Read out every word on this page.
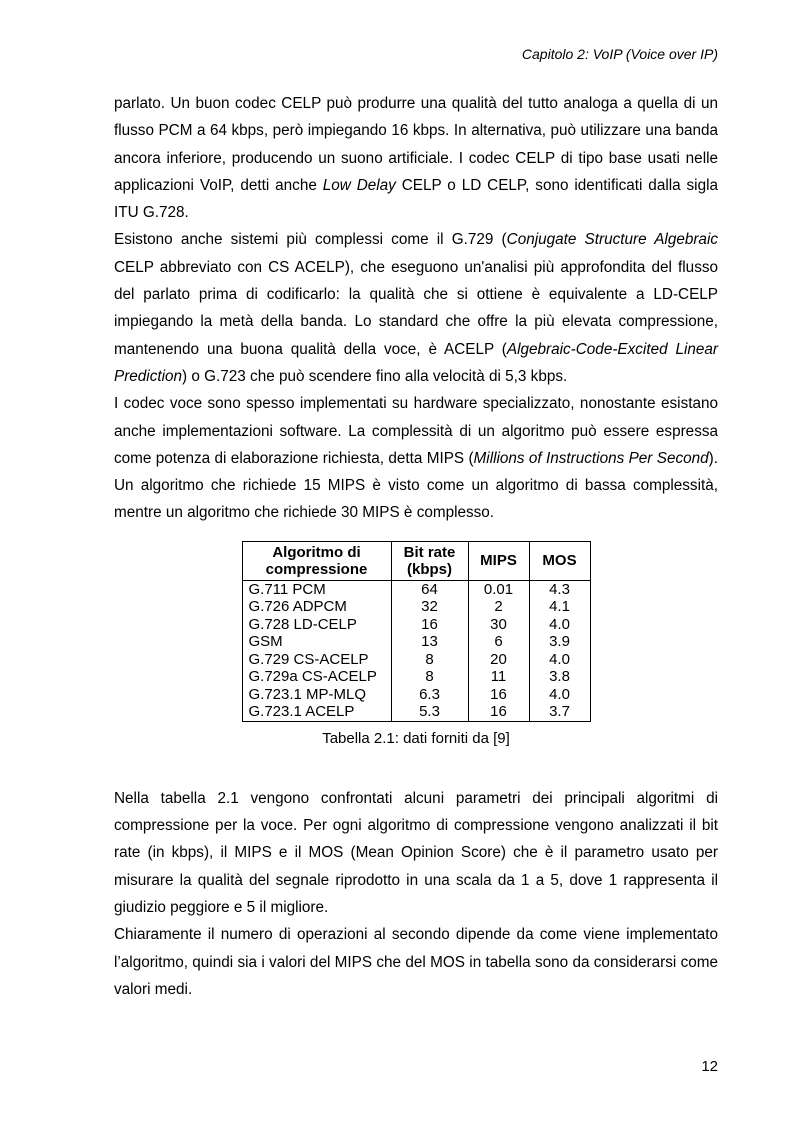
Capitolo 2: VoIP (Voice over IP)

parlato. Un buon codec CELP può produrre una qualità del tutto analoga a quella di un flusso PCM a 64 kbps, però impiegando 16 kbps. In alternativa, può utilizzare una banda ancora inferiore, producendo un suono artificiale. I codec CELP di tipo base usati nelle applicazioni VoIP, detti anche Low Delay CELP o LD CELP, sono identificati dalla sigla ITU G.728.

Esistono anche sistemi più complessi come il G.729 (Conjugate Structure Algebraic CELP abbreviato con CS ACELP), che eseguono un'analisi più approfondita del flusso del parlato prima di codificarlo: la qualità che si ottiene è equivalente a LD-CELP impiegando la metà della banda. Lo standard che offre la più elevata compressione, mantenendo una buona qualità della voce, è ACELP (Algebraic-Code-Excited Linear Prediction) o G.723 che può scendere fino alla velocità di 5,3 kbps.

I codec voce sono spesso implementati su hardware specializzato, nonostante esistano anche implementazioni software. La complessità di un algoritmo può essere espressa come potenza di elaborazione richiesta, detta MIPS (Millions of Instructions Per Second). Un algoritmo che richiede 15 MIPS è visto come un algoritmo di bassa complessità, mentre un algoritmo che richiede 30 MIPS è complesso.

Algoritmo di compressione	Bit rate (kbps)	MIPS	MOS
G.711 PCM	64	0.01	4.3
G.726 ADPCM	32	2	4.1
G.728 LD-CELP	16	30	4.0
GSM	13	6	3.9
G.729 CS-ACELP	8	20	4.0
G.729a CS-ACELP	8	11	3.8
G.723.1 MP-MLQ	6.3	16	4.0
G.723.1 ACELP	5.3	16	3.7
Tabella 2.1: dati forniti da [9]

Nella tabella 2.1 vengono confrontati alcuni parametri dei principali algoritmi di compressione per la voce. Per ogni algoritmo di compressione vengono analizzati il bit rate (in kbps), il MIPS e il MOS (Mean Opinion Score) che è il parametro usato per misurare la qualità del segnale riprodotto in una scala da 1 a 5, dove 1 rappresenta il giudizio peggiore e 5 il migliore.

Chiaramente il numero di operazioni al secondo dipende da come viene implementato l’algoritmo, quindi sia i valori del MIPS che del MOS in tabella sono da considerarsi come valori medi.

12
